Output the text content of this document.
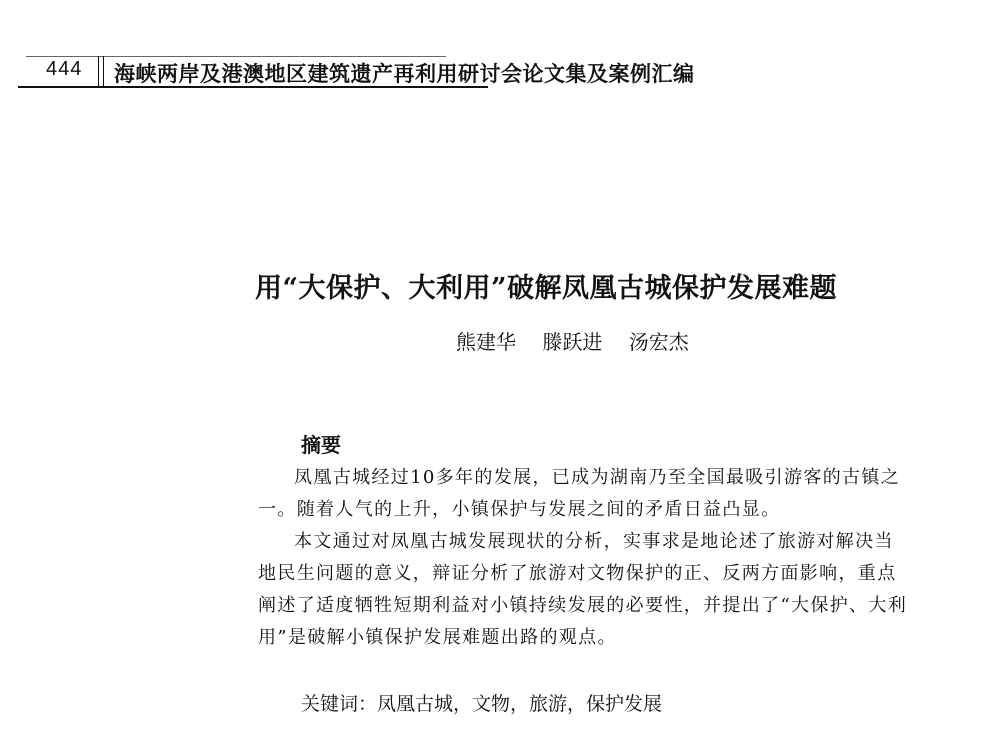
444 海峡两岸及港澳地区建筑遗产再利用研讨会论文集及案例汇编
用“大保护、大利用”破解凤凰古城保护发展难题
熊建华 滕跃进 汤宏杰
摘要

凤凰古城经过10多年的发展，已成为湖南乃至全国最吸引游客的古镇之一。随着人气的上升，小镇保护与发展之间的矛盾日益凸显。

本文通过对凤凰古城发展现状的分析，实事求是地论述了旅游对解决当地民生问题的意义，辩证分析了旅游对文物保护的正、反两方面影响，重点阐述了适度牺牲短期利益对小镇持续发展的必要性，并提出了“大保护、大利用”是破解小镇保护发展难题出路的观点。

关键词：凤凰古城，文物，旅游，保护发展
